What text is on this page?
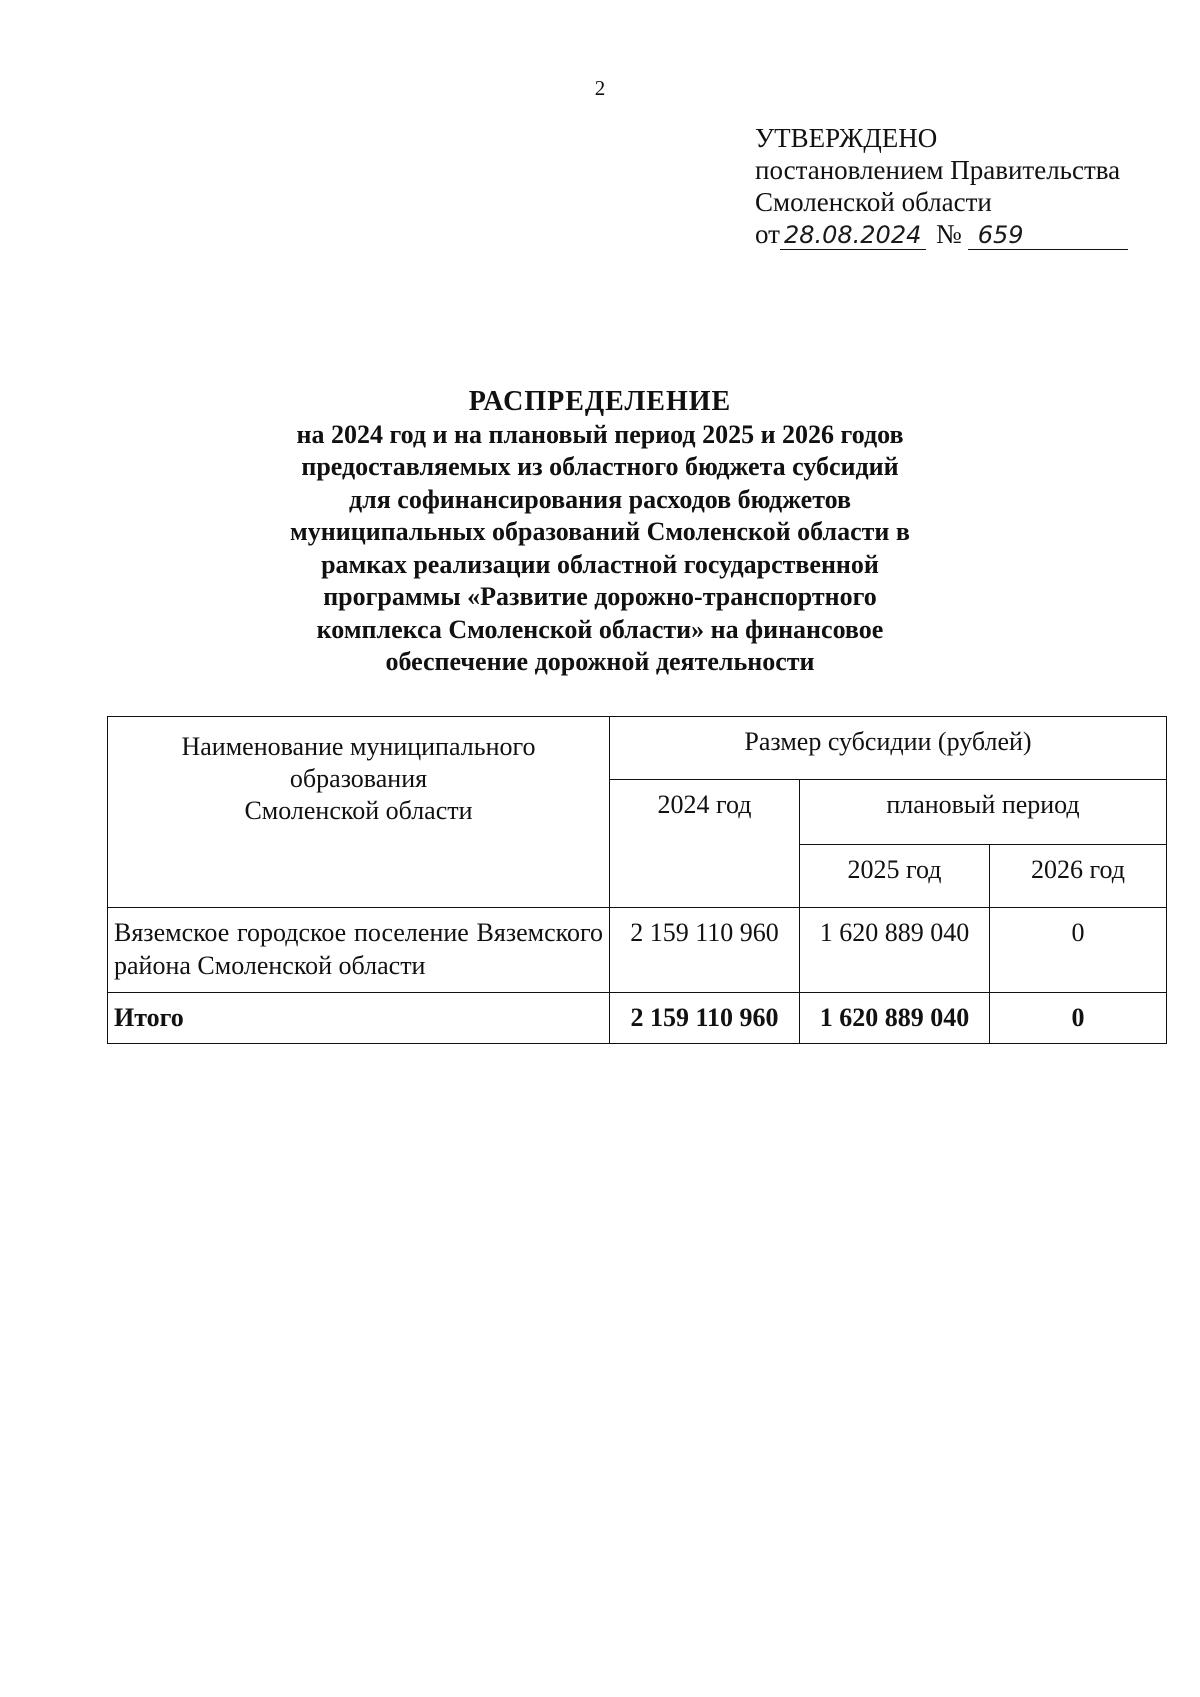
2
УТВЕРЖДЕНО
постановлением Правительства
Смоленской области
от 28.08.2024 № 659
РАСПРЕДЕЛЕНИЕ
на 2024 год и на плановый период 2025 и 2026 годов
предоставляемых из областного бюджета субсидий
для софинансирования расходов бюджетов
муниципальных образований Смоленской области в
рамках реализации областной государственной
программы «Развитие дорожно-транспортного
комплекса Смоленской области» на финансовое
обеспечение дорожной деятельности
Наименование муниципального
образования
Смоленской области	Размер субсидии (рублей)		
	2024 год	плановый период	
		2025 год	2026 год
Вяземское городское поселение Вяземского района Смоленской области	2 159 110 960	1 620 889 040	0
Итого	2 159 110 960	1 620 889 040	0
